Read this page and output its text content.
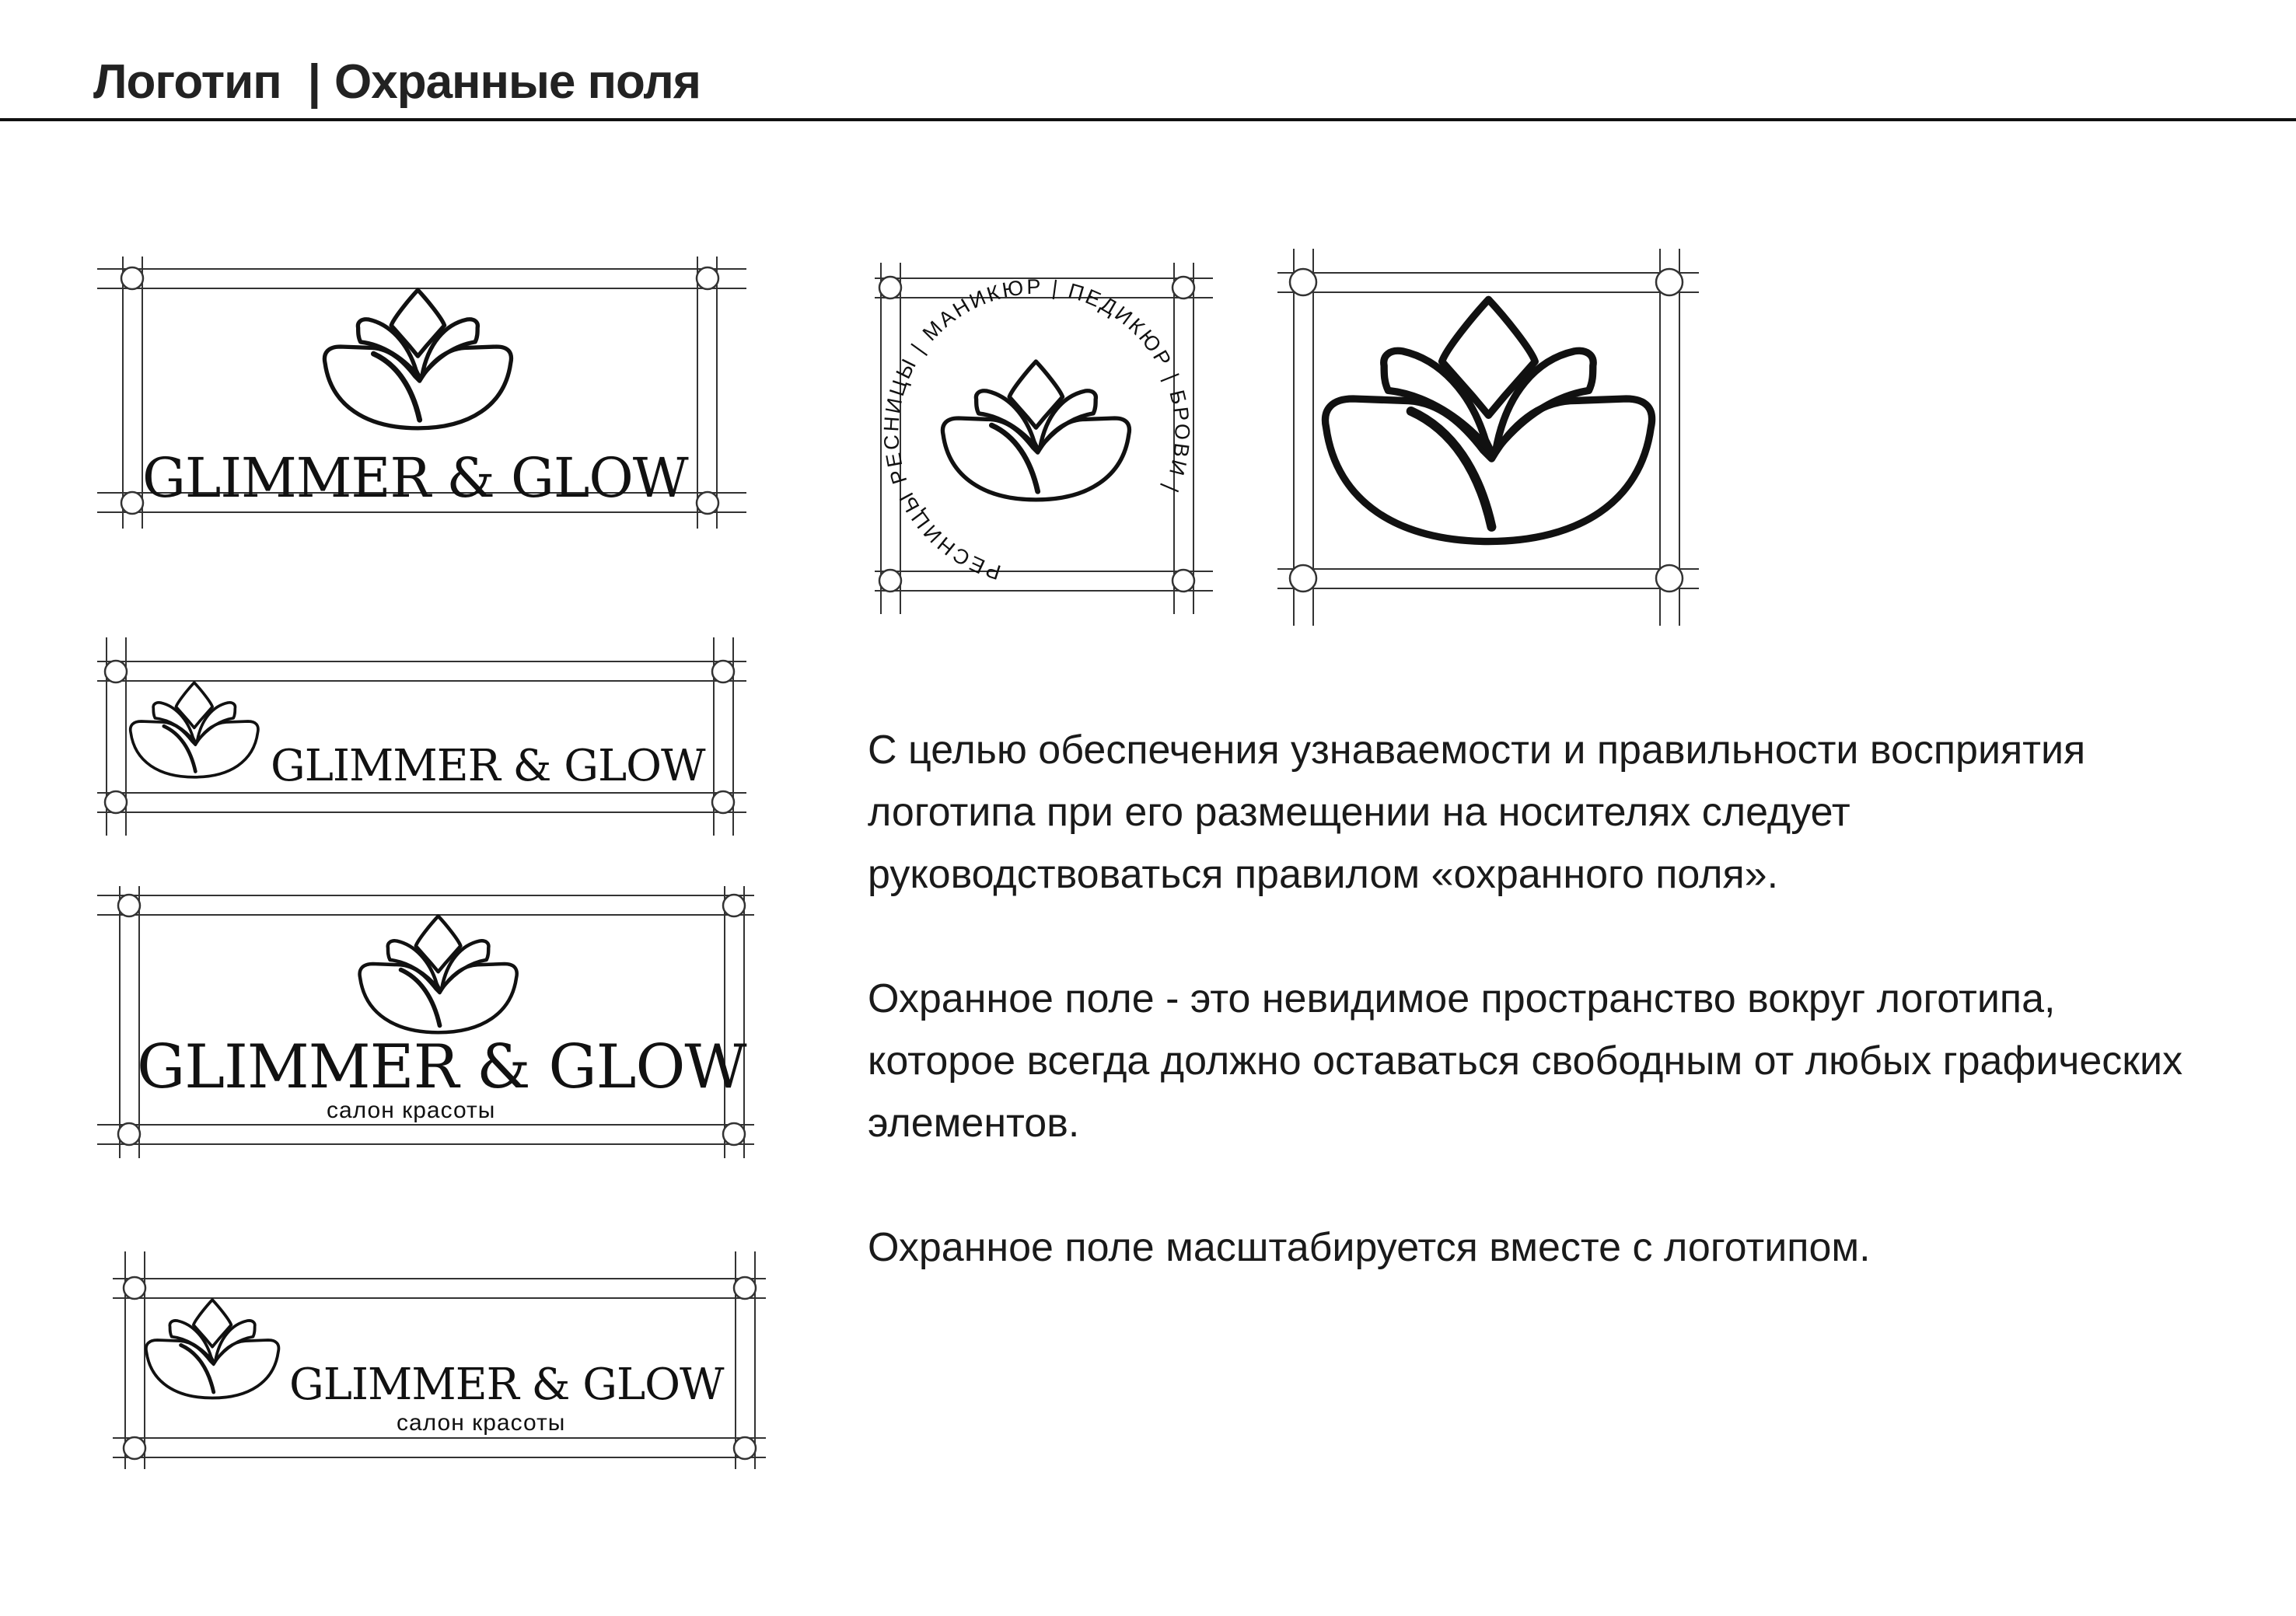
Логотип | Охранные поля
GLIMMER & GLOW
GLIMMER & GLOW
GLIMMER & GLOW
салон красоты
GLIMMER & GLOW
салон красоты
РЕСНИЦЫ РЕСНИЦЫ | МАНИКЮР | ПЕДИКЮР | БРОВИ |

С целью обеспечения узнаваемости и правильности восприятия логотипа при его размещении на носителях следует руководствоваться правилом «охранного поля».

Охранное поле - это невидимое пространство вокруг логотипа, которое всегда должно оставаться свободным от любых графических элементов.

Охранное поле масштабируется вместе с логотипом.
